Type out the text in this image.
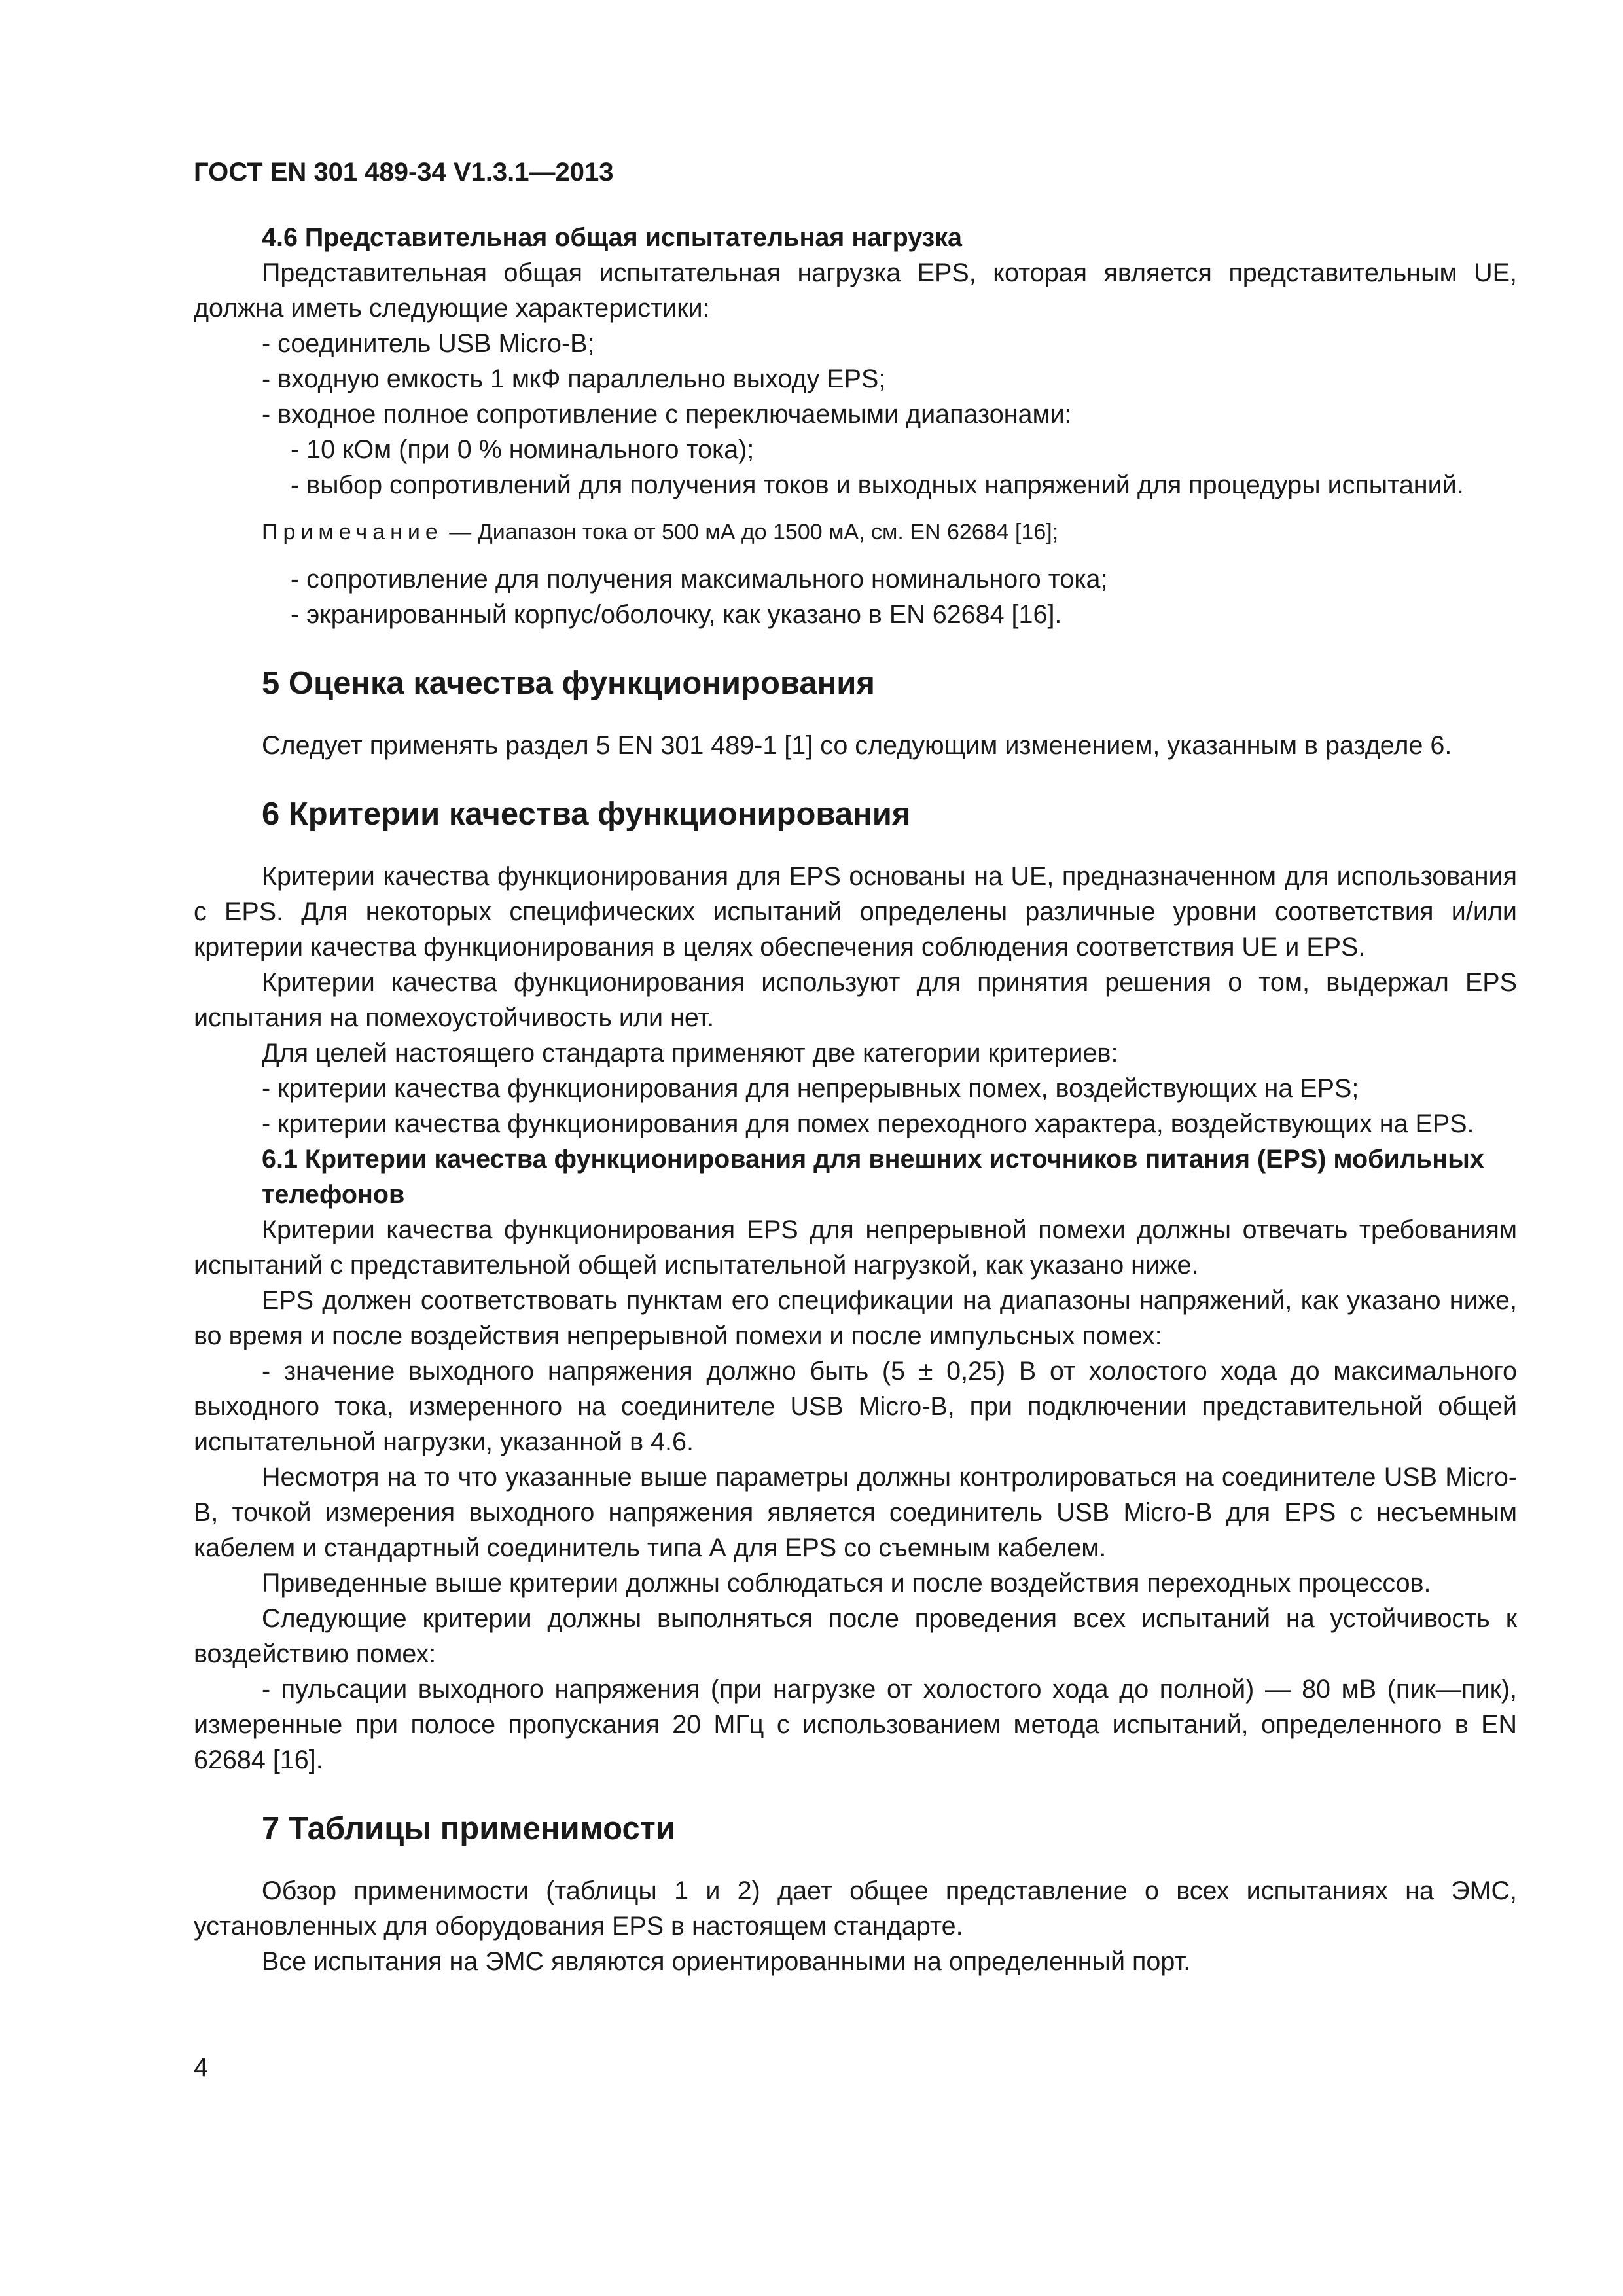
ГОСТ EN 301 489-34 V1.3.1—2013

4.6 Представительная общая испытательная нагрузка

Представительная общая испытательная нагрузка EPS, которая является представительным UE, должна иметь следующие характеристики:

- соединитель USB Micro-B;

- входную емкость 1 мкФ параллельно выходу EPS;

- входное полное сопротивление с переключаемыми диапазонами:

- 10 кОм (при 0 % номинального тока);

- выбор сопротивлений для получения токов и выходных напряжений для процедуры испытаний.

Примечание — Диапазон тока от 500 мА до 1500 мА, см. EN 62684 [16];

- сопротивление для получения максимального номинального тока;

- экранированный корпус/оболочку, как указано в EN 62684 [16].

5 Оценка качества функционирования

Следует применять раздел 5 EN 301 489-1 [1] со следующим изменением, указанным в разделе 6.

6 Критерии качества функционирования

Критерии качества функционирования для EPS основаны на UE, предназначенном для использования с EPS. Для некоторых специфических испытаний определены различные уровни соответствия и/или критерии качества функционирования в целях обеспечения соблюдения соответствия UE и EPS.

Критерии качества функционирования используют для принятия решения о том, выдержал EPS испытания на помехоустойчивость или нет.

Для целей настоящего стандарта применяют две категории критериев:

- критерии качества функционирования для непрерывных помех, воздействующих на EPS;

- критерии качества функционирования для помех переходного характера, воздействующих на EPS.

6.1 Критерии качества функционирования для внешних источников питания (EPS) мобильных телефонов

Критерии качества функционирования EPS для непрерывной помехи должны отвечать требованиям испытаний с представительной общей испытательной нагрузкой, как указано ниже.

EPS должен соответствовать пунктам его спецификации на диапазоны напряжений, как указано ниже, во время и после воздействия непрерывной помехи и после импульсных помех:

- значение выходного напряжения должно быть (5 ± 0,25) В от холостого хода до максимального выходного тока, измеренного на соединителе USB Micro-B, при подключении представительной общей испытательной нагрузки, указанной в 4.6.

Несмотря на то что указанные выше параметры должны контролироваться на соединителе USB Micro-B, точкой измерения выходного напряжения является соединитель USB Micro-B для EPS с несъемным кабелем и стандартный соединитель типа А для EPS со съемным кабелем.

Приведенные выше критерии должны соблюдаться и после воздействия переходных процессов.

Следующие критерии должны выполняться после проведения всех испытаний на устойчивость к воздействию помех:

- пульсации выходного напряжения (при нагрузке от холостого хода до полной) — 80 мВ (пик—пик), измеренные при полосе пропускания 20 МГц с использованием метода испытаний, определенного в EN 62684 [16].

7 Таблицы применимости

Обзор применимости (таблицы 1 и 2) дает общее представление о всех испытаниях на ЭМС, установленных для оборудования EPS в настоящем стандарте.

Все испытания на ЭМС являются ориентированными на определенный порт.

4
